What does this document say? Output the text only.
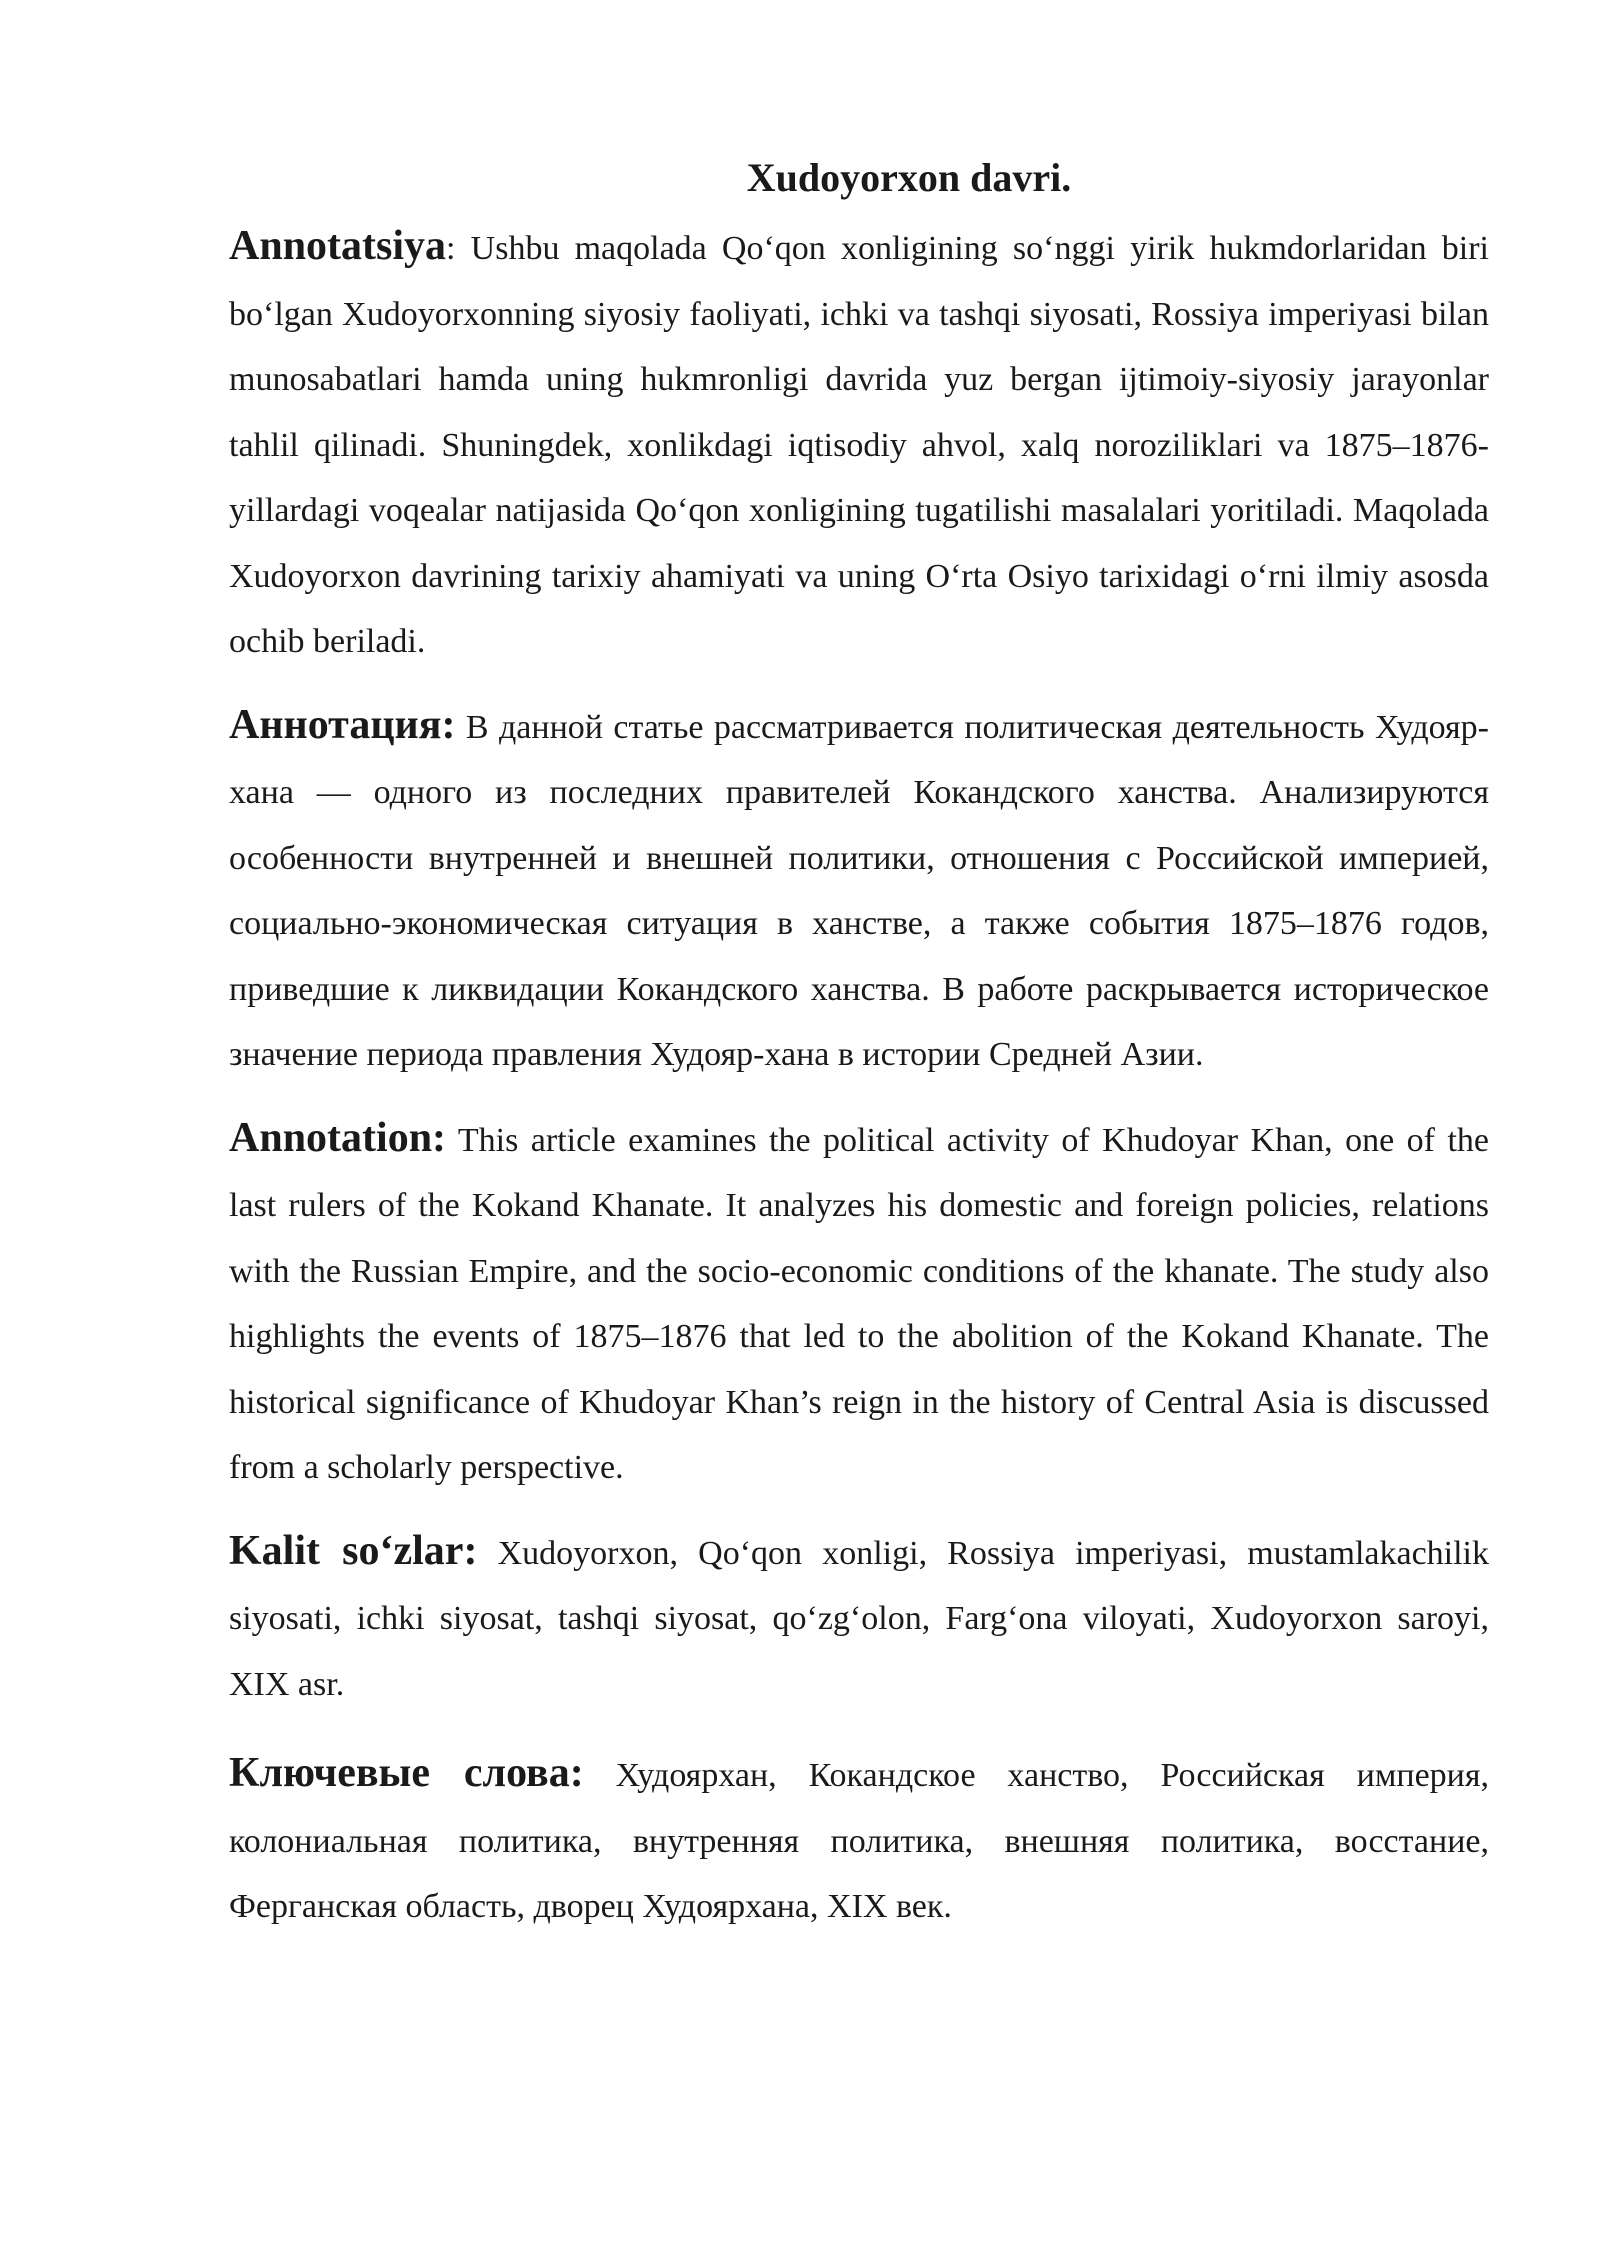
Xudoyorxon davri.

Annotatsiya: Ushbu maqolada Qo‘qon xonligining so‘nggi yirik hukmdorlaridan biri bo‘lgan Xudoyorxonning siyosiy faoliyati, ichki va tashqi siyosati, Rossiya imperiyasi bilan munosabatlari hamda uning hukmronligi davrida yuz bergan ijtimoiy-siyosiy jarayonlar tahlil qilinadi. Shuningdek, xonlikdagi iqtisodiy ahvol, xalq noroziliklari va 1875–1876-yillardagi voqealar natijasida Qo‘qon xonligining tugatilishi masalalari yoritiladi. Maqolada Xudoyorxon davrining tarixiy ahamiyati va uning O‘rta Osiyo tarixidagi o‘rni ilmiy asosda ochib beriladi.

Аннотация: В данной статье рассматривается политическая деятельность Худояр-хана — одного из последних правителей Кокандского ханства. Анализируются особенности внутренней и внешней политики, отношения с Российской империей, социально-экономическая ситуация в ханстве, а также события 1875–1876 годов, приведшие к ликвидации Кокандского ханства. В работе раскрывается историческое значение периода правления Худояр-хана в истории Средней Азии.

Annotation: This article examines the political activity of Khudoyar Khan, one of the last rulers of the Kokand Khanate. It analyzes his domestic and foreign policies, relations with the Russian Empire, and the socio-economic conditions of the khanate. The study also highlights the events of 1875–1876 that led to the abolition of the Kokand Khanate. The historical significance of Khudoyar Khan’s reign in the history of Central Asia is discussed from a scholarly perspective.

Kalit so‘zlar: Xudoyorxon, Qo‘qon xonligi, Rossiya imperiyasi, mustamlakachilik siyosati, ichki siyosat, tashqi siyosat, qo‘zg‘olon, Farg‘ona viloyati, Xudoyorxon saroyi, XIX asr.

Ключевые слова: Худоярхан, Кокандское ханство, Российская империя, колониальная политика, внутренняя политика, внешняя политика, восстание, Ферганская область, дворец Худоярхана, XIX век.
